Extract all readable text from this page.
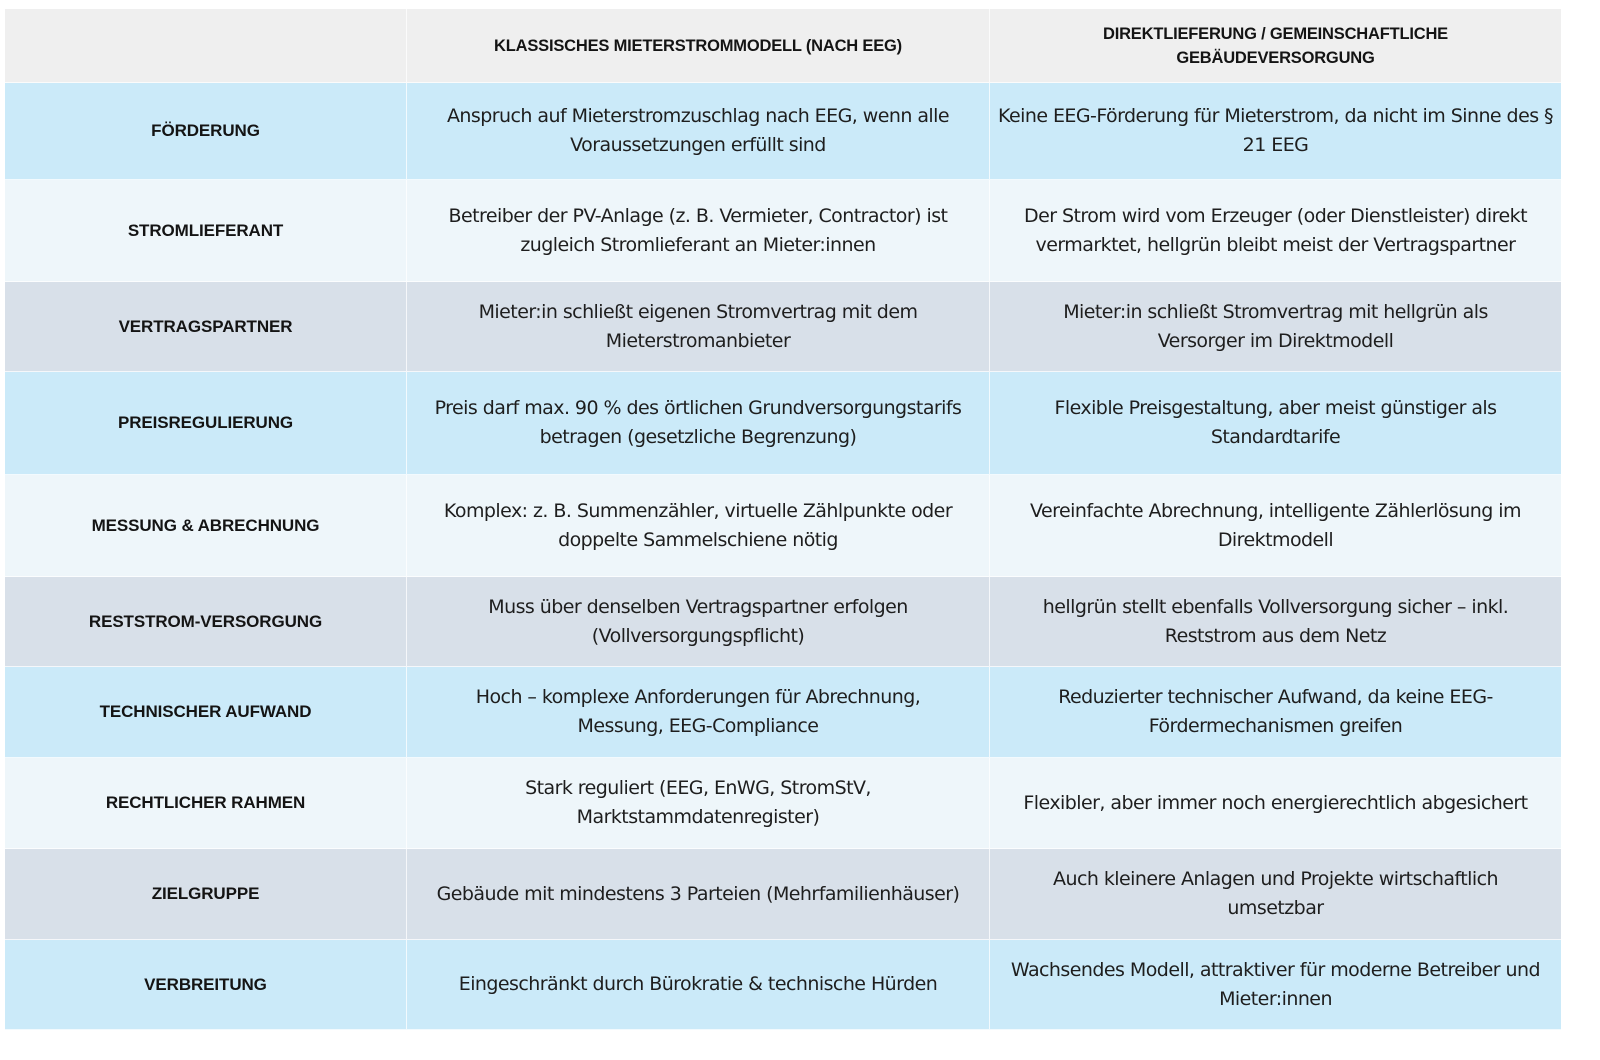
KLASSISCHES MIETERSTROMMODELL (NACH EEG)
DIREKTLIEFERUNG / GEMEINSCHAFTLICHE GEBÄUDEVERSORGUNG
FÖRDERUNG
Anspruch auf Mieterstromzuschlag nach EEG, wenn alle Voraussetzungen erfüllt sind
Keine EEG-Förderung für Mieterstrom, da nicht im Sinne des § 21 EEG
STROMLIEFERANT
Betreiber der PV-Anlage (z. B. Vermieter, Contractor) ist zugleich Stromlieferant an Mieter:innen
Der Strom wird vom Erzeuger (oder Dienstleister) direkt vermarktet, hellgrün bleibt meist der Vertragspartner
VERTRAGSPARTNER
Mieter:in schließt eigenen Stromvertrag mit dem Mieterstromanbieter
Mieter:in schließt Stromvertrag mit hellgrün als Versorger im Direktmodell
PREISREGULIERUNG
Preis darf max. 90 % des örtlichen Grundversorgungstarifs betragen (gesetzliche Begrenzung)
Flexible Preisgestaltung, aber meist günstiger als Standardtarife
MESSUNG & ABRECHNUNG
Komplex: z. B. Summenzähler, virtuelle Zählpunkte oder doppelte Sammelschiene nötig
Vereinfachte Abrechnung, intelligente Zählerlösung im Direktmodell
RESTSTROM-VERSORGUNG
Muss über denselben Vertragspartner erfolgen (Vollversorgungspflicht)
hellgrün stellt ebenfalls Vollversorgung sicher – inkl. Reststrom aus dem Netz
TECHNISCHER AUFWAND
Hoch – komplexe Anforderungen für Abrechnung, Messung, EEG-Compliance
Reduzierter technischer Aufwand, da keine EEG-Fördermechanismen greifen
RECHTLICHER RAHMEN
Stark reguliert (EEG, EnWG, StromStV, Marktstammdatenregister)
Flexibler, aber immer noch energierechtlich abgesichert
ZIELGRUPPE	Gebäude mit mindestens 3 Parteien (Mehrfamilienhäuser)
Auch kleinere Anlagen und Projekte wirtschaftlich umsetzbar
VERBREITUNG	Eingeschränkt durch Bürokratie & technische Hürden
Wachsendes Modell, attraktiver für moderne Betreiber und Mieter:innen
